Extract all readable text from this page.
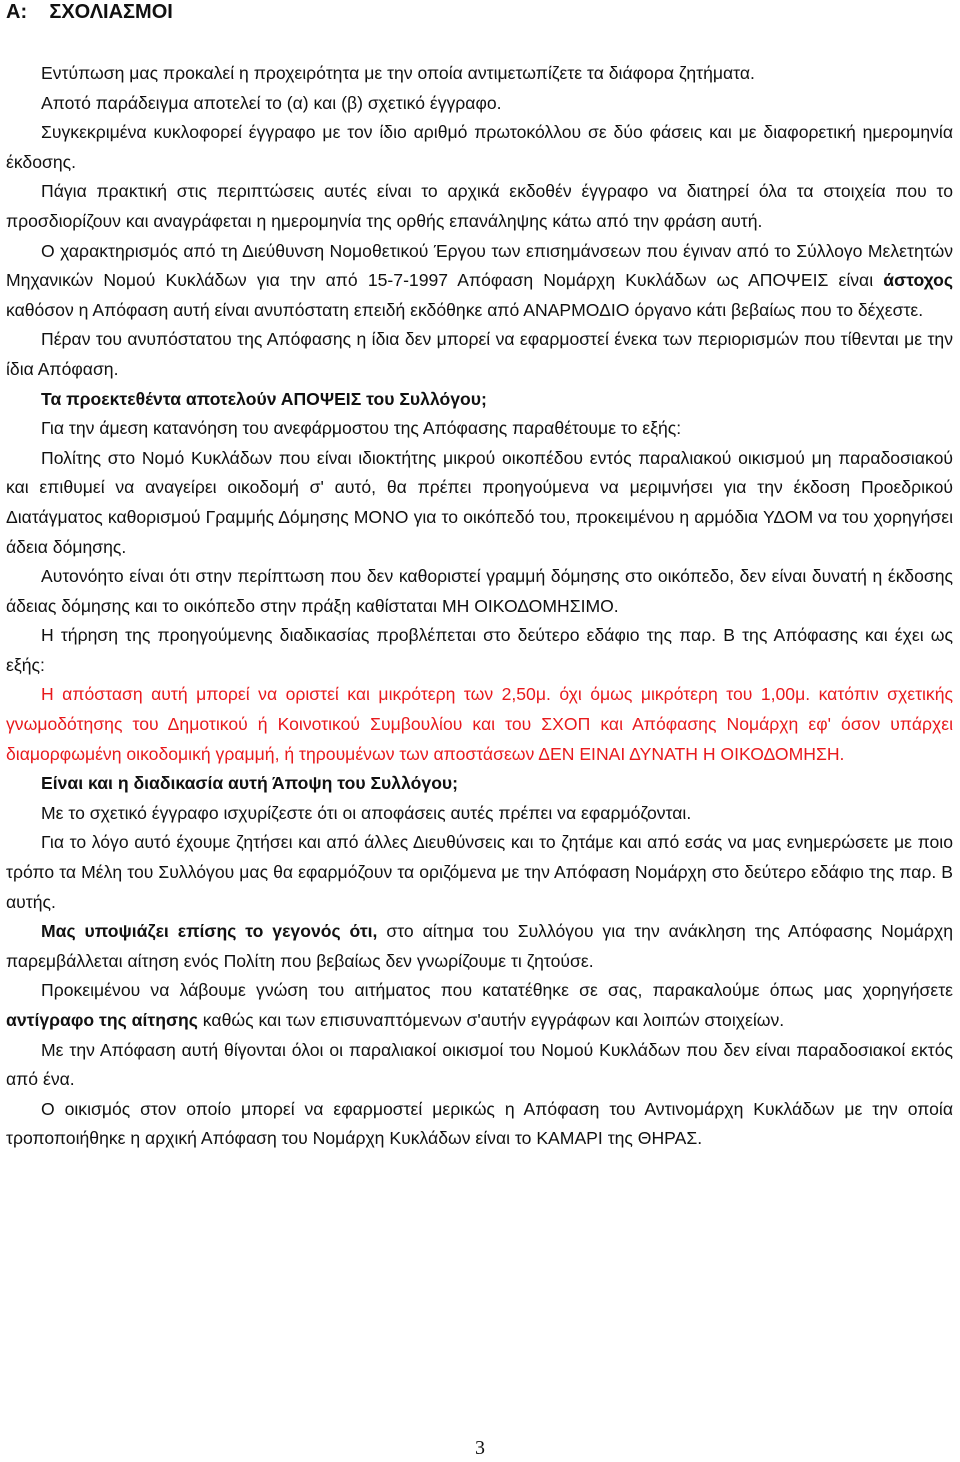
Α:    ΣΧΟΛΙΑΣΜΟΙ

Εντύπωση μας προκαλεί η προχειρότητα με την οποία αντιμετωπίζετε τα διάφορα ζητήματα.

Αποτό παράδειγμα αποτελεί το (α) και (β) σχετικό έγγραφο.

Συγκεκριμένα κυκλοφορεί έγγραφο με τον ίδιο αριθμό πρωτοκόλλου σε δύο φάσεις και με διαφορετική ημερομηνία έκδοσης.

Πάγια πρακτική στις περιπτώσεις αυτές είναι το αρχικά εκδοθέν έγγραφο να διατηρεί όλα τα στοιχεία που το προσδιορίζουν και αναγράφεται η ημερομηνία της ορθής επανάληψης κάτω από την φράση αυτή.

Ο χαρακτηρισμός από τη Διεύθυνση Νομοθετικού Έργου των επισημάνσεων που έγιναν από το Σύλλογο Μελετητών Μηχανικών Νομού Κυκλάδων για την από 15-7-1997 Απόφαση Νομάρχη Κυκλάδων ως ΑΠΟΨΕΙΣ είναι άστοχος καθόσον η Απόφαση αυτή είναι ανυπόστατη επειδή εκδόθηκε από ΑΝΑΡΜΟΔΙΟ όργανο κάτι βεβαίως που το δέχεστε.

Πέραν του ανυπόστατου της Απόφασης η ίδια δεν μπορεί να εφαρμοστεί ένεκα των περιορισμών που τίθενται με την ίδια Απόφαση.

Τα προεκτεθέντα αποτελούν ΑΠΟΨΕΙΣ του Συλλόγου;

Για την άμεση κατανόηση του ανεφάρμοστου της Απόφασης παραθέτουμε το εξής:

Πολίτης στο Νομό Κυκλάδων που είναι ιδιοκτήτης μικρού οικοπέδου εντός παραλιακού οικισμού μη παραδοσιακού και επιθυμεί να αναγείρει οικοδομή σ' αυτό, θα πρέπει προηγούμενα να μεριμνήσει για την έκδοση Προεδρικού Διατάγματος καθορισμού Γραμμής Δόμησης ΜΟΝΟ για το οικόπεδό του, προκειμένου η αρμόδια ΥΔΟΜ να του χορηγήσει άδεια δόμησης.

Αυτονόητο είναι ότι στην περίπτωση που δεν καθοριστεί γραμμή δόμησης στο οικόπεδο, δεν είναι δυνατή η έκδοσης άδειας δόμησης και το οικόπεδο στην πράξη καθίσταται ΜΗ ΟΙΚΟΔΟΜΗΣΙΜΟ.

Η τήρηση της προηγούμενης διαδικασίας προβλέπεται στο δεύτερο εδάφιο της παρ. Β της Απόφασης και έχει ως εξής:

Η απόσταση αυτή μπορεί να οριστεί και μικρότερη των 2,50μ. όχι όμως μικρότερη του 1,00μ. κατόπιν σχετικής γνωμοδότησης του Δημοτικού ή Κοινοτικού Συμβουλίου και του ΣΧΟΠ και Απόφασης Νομάρχη εφ' όσον υπάρχει διαμορφωμένη οικοδομική γραμμή, ή τηρουμένων των αποστάσεων ΔΕΝ ΕΙΝΑΙ ΔΥΝΑΤΗ Η ΟΙΚΟΔΟΜΗΣΗ.

Είναι και η διαδικασία αυτή Άποψη του Συλλόγου;

Με το σχετικό έγγραφο ισχυρίζεστε ότι οι αποφάσεις αυτές πρέπει να εφαρμόζονται.

Για το λόγο αυτό έχουμε ζητήσει και από άλλες Διευθύνσεις και το ζητάμε και από εσάς να μας ενημερώσετε με ποιο τρόπο τα Μέλη του Συλλόγου μας θα εφαρμόζουν τα οριζόμενα με την Απόφαση Νομάρχη στο δεύτερο εδάφιο της παρ. Β αυτής.

Μας υποψιάζει επίσης το γεγονός ότι, στο αίτημα του Συλλόγου για την ανάκληση της Απόφασης Νομάρχη παρεμβάλλεται αίτηση ενός Πολίτη που βεβαίως δεν γνωρίζουμε τι ζητούσε.

Προκειμένου να λάβουμε γνώση του αιτήματος που κατατέθηκε σε σας, παρακαλούμε όπως μας χορηγήσετε αντίγραφο της αίτησης καθώς και των επισυναπτόμενων σ'αυτήν εγγράφων και λοιπών στοιχείων.

Με την Απόφαση αυτή θίγονται όλοι οι παραλιακοί οικισμοί του Νομού Κυκλάδων που δεν είναι παραδοσιακοί εκτός από ένα.

Ο οικισμός στον οποίο μπορεί να εφαρμοστεί μερικώς η Απόφαση του Αντινομάρχη Κυκλάδων με την οποία τροποποιήθηκε η αρχική Απόφαση του Νομάρχη Κυκλάδων είναι το ΚΑΜΑΡΙ της ΘΗΡΑΣ.

3
